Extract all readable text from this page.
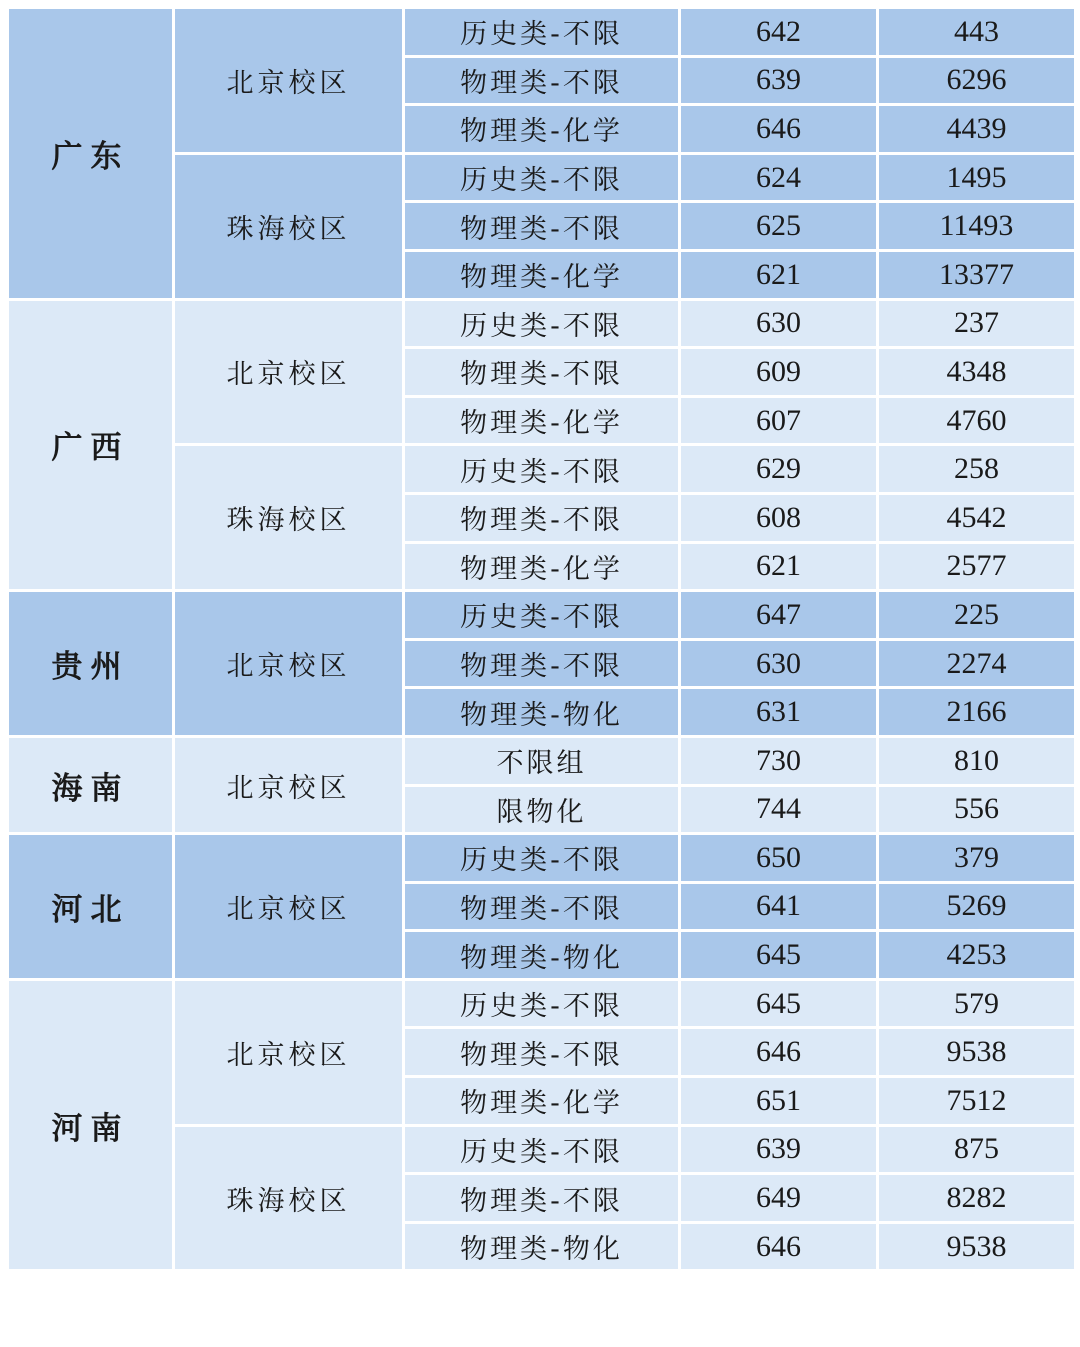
广东	北京校区	历史类-不限	642	443
		物理类-不限	639	6296
		物理类-化学	646	4439
	珠海校区	历史类-不限	624	1495
		物理类-不限	625	11493
		物理类-化学	621	13377
广西	北京校区	历史类-不限	630	237
		物理类-不限	609	4348
		物理类-化学	607	4760
	珠海校区	历史类-不限	629	258
		物理类-不限	608	4542
		物理类-化学	621	2577
贵州	北京校区	历史类-不限	647	225
		物理类-不限	630	2274
		物理类-物化	631	2166
海南	北京校区	不限组	730	810
		限物化	744	556
河北	北京校区	历史类-不限	650	379
		物理类-不限	641	5269
		物理类-物化	645	4253
河南	北京校区	历史类-不限	645	579
		物理类-不限	646	9538
		物理类-化学	651	7512
	珠海校区	历史类-不限	639	875
		物理类-不限	649	8282
		物理类-物化	646	9538
